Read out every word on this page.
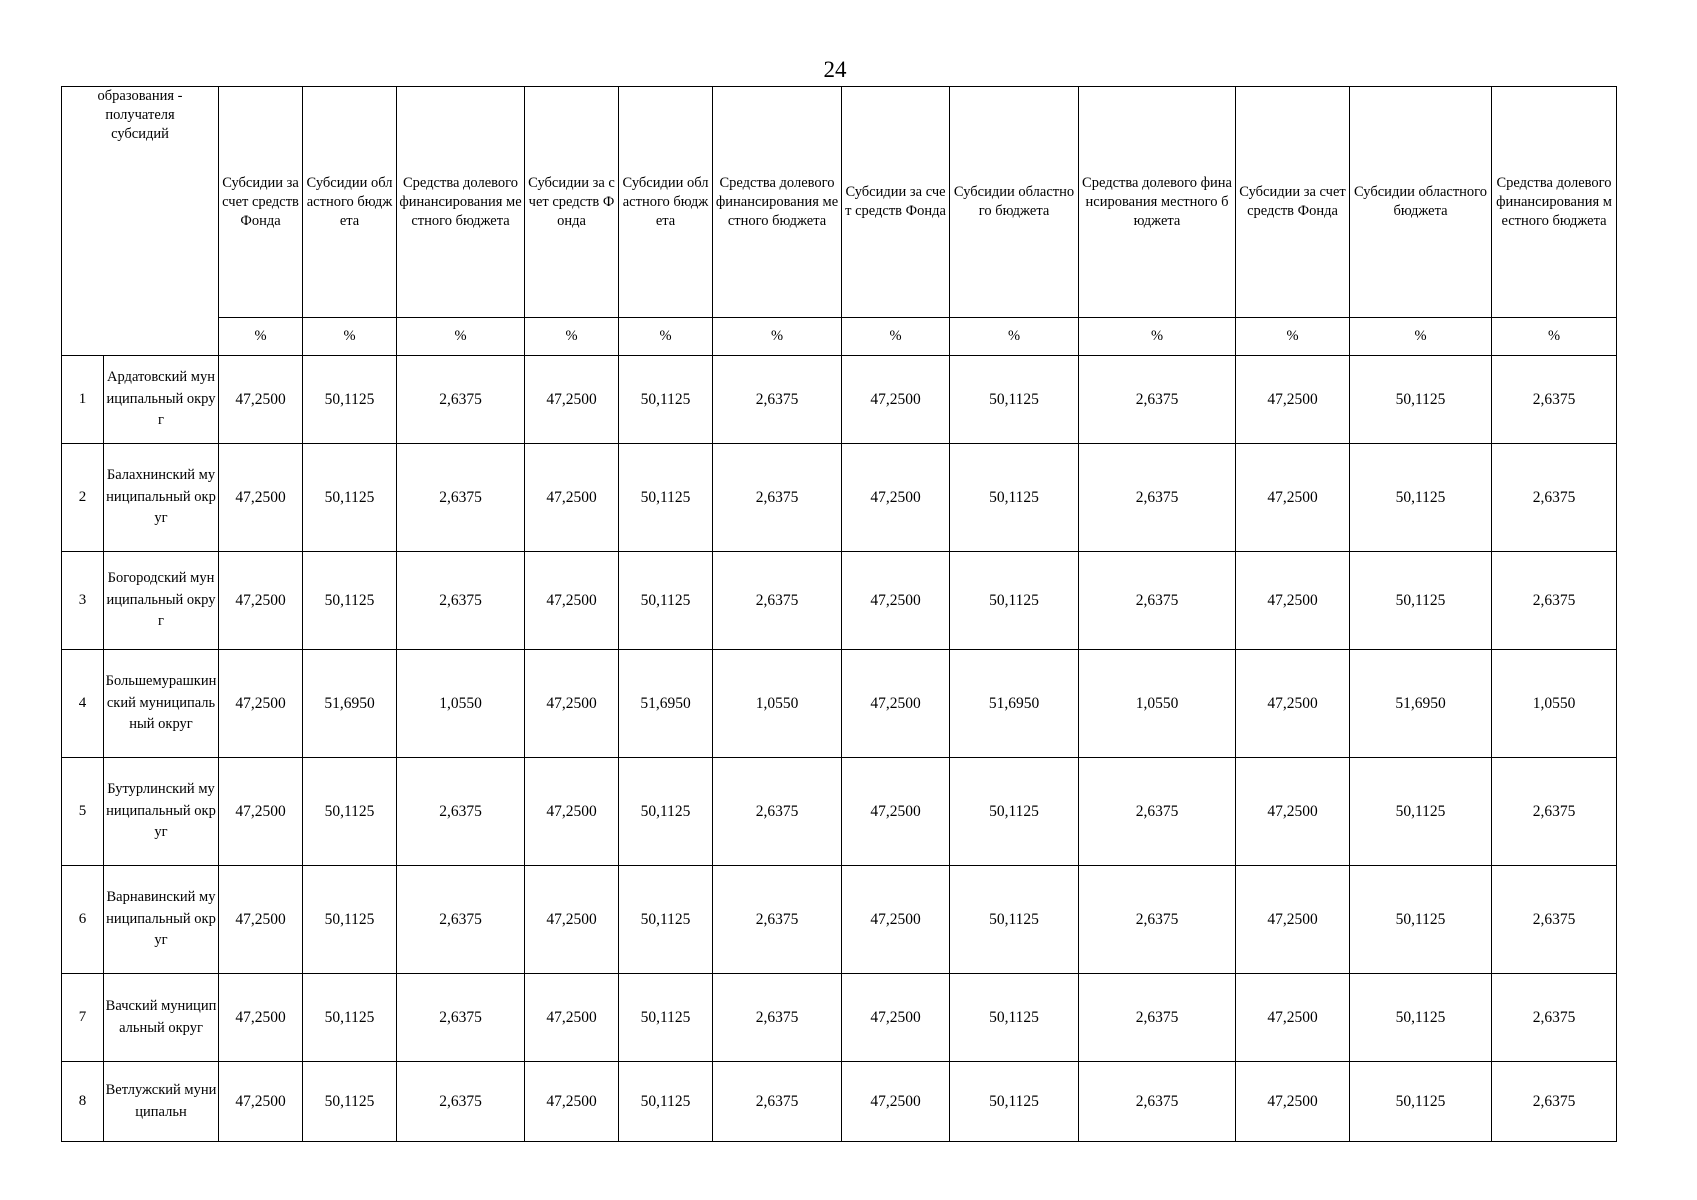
24
образования -
получателя
субсидий		Субсидии за счет средств Фонда	Субсидии областного бюджета	Средства долевого финансирования местного бюджета	Субсидии за счет средств Фонда	Субсидии областного бюджета	Средства долевого финансирования местного бюджета	Субсидии за счет средств Фонда	Субсидии областного бюджета	Средства долевого финансирования местного бюджета	Субсидии за счет средств Фонда	Субсидии областного бюджета	Средства долевого финансирования местного бюджета
		%	%	%	%	%	%	%	%	%	%	%	%
1	Ардатовский муниципальный округ	47,2500	50,1125	2,6375	47,2500	50,1125	2,6375	47,2500	50,1125	2,6375	47,2500	50,1125	2,6375
2	Балахнинский муниципальный округ	47,2500	50,1125	2,6375	47,2500	50,1125	2,6375	47,2500	50,1125	2,6375	47,2500	50,1125	2,6375
3	Богородский муниципальный округ	47,2500	50,1125	2,6375	47,2500	50,1125	2,6375	47,2500	50,1125	2,6375	47,2500	50,1125	2,6375
4	Большемурашкинский муниципальный округ	47,2500	51,6950	1,0550	47,2500	51,6950	1,0550	47,2500	51,6950	1,0550	47,2500	51,6950	1,0550
5	Бутурлинский муниципальный округ	47,2500	50,1125	2,6375	47,2500	50,1125	2,6375	47,2500	50,1125	2,6375	47,2500	50,1125	2,6375
6	Варнавинский муниципальный округ	47,2500	50,1125	2,6375	47,2500	50,1125	2,6375	47,2500	50,1125	2,6375	47,2500	50,1125	2,6375
7	Вачский муниципальный округ	47,2500	50,1125	2,6375	47,2500	50,1125	2,6375	47,2500	50,1125	2,6375	47,2500	50,1125	2,6375
8	Ветлужский муниципальн	47,2500	50,1125	2,6375	47,2500	50,1125	2,6375	47,2500	50,1125	2,6375	47,2500	50,1125	2,6375
